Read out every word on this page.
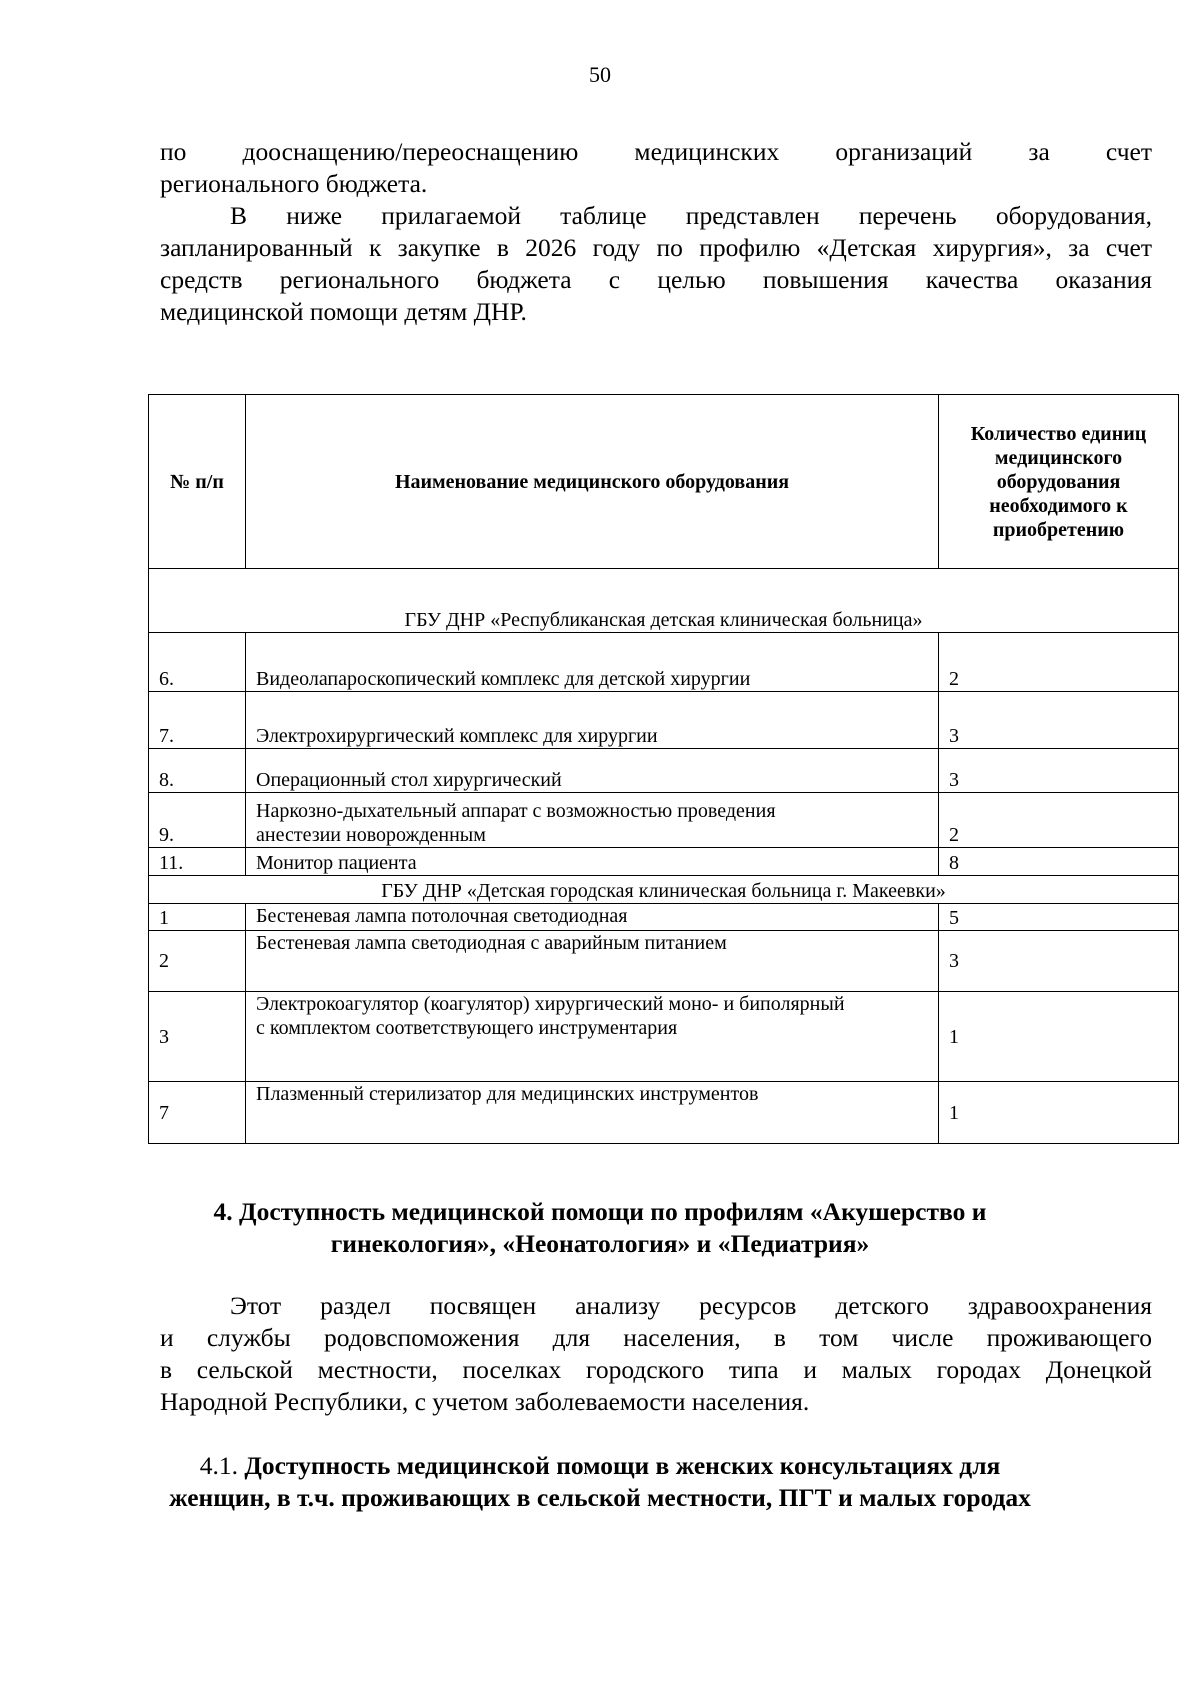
50
по дооснащению/переоснащению медицинских организаций за счет
регионального бюджета.
В ниже прилагаемой таблице представлен перечень оборудования,
запланированный к закупке в 2026 году по профилю «Детская хирургия», за счет
средств регионального бюджета с целью повышения качества оказания
медицинской помощи детям ДНР.
№ п/п	Наименование медицинского оборудования	Количество единиц медицинского оборудования необходимого к приобретению
ГБУ ДНР «Республиканская детская клиническая больница»		
6.	Видеолапароскопический комплекс для детской хирургии	2
7.	Электрохирургический комплекс для хирургии	3
8.	Операционный стол хирургический	3
9.	Наркозно-дыхательный аппарат с возможностью проведения
анестезии новорожденным	2
11.	Монитор пациента	8
ГБУ ДНР «Детская городская клиническая больница г. Макеевки»		
1	Бестеневая лампа потолочная светодиодная	5
2	Бестеневая лампа светодиодная с аварийным питанием	3
3	Электрокоагулятор (коагулятор) хирургический моно- и биполярный
с комплектом соответствующего инструментария	1
7	Плазменный стерилизатор для медицинских инструментов	1
4. Доступность медицинской помощи по профилям «Акушерство и
гинекология», «Неонатология» и «Педиатрия»
Этот раздел посвящен анализу ресурсов детского здравоохранения
и службы родовспоможения для населения, в том числе проживающего
в сельской местности, поселках городского типа и малых городах Донецкой
Народной Республики, с учетом заболеваемости населения.
4.1. Доступность медицинской помощи в женских консультациях для
женщин, в т.ч. проживающих в сельской местности, ПГТ и малых городах
